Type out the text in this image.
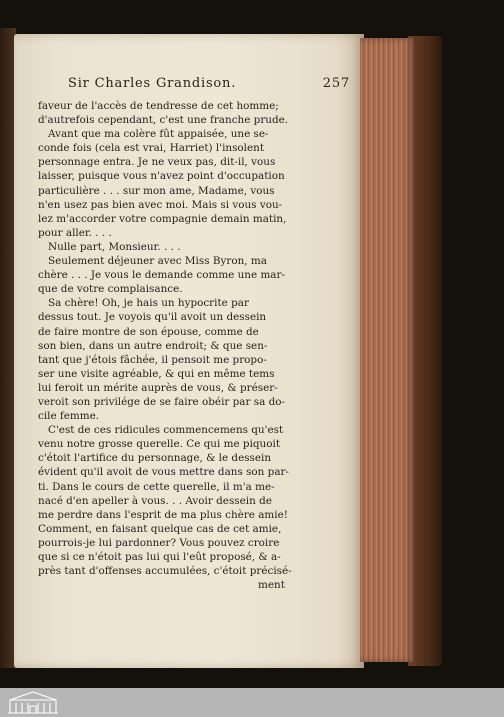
Sir Charles Grandison.	257
faveur de l'accès de tendresse de cet homme;
d'autrefois cependant, c'est une franche prude.
Avant que ma colère fût appaisée, une se-
conde fois (cela est vrai, Harriet) l'insolent
personnage entra. Je ne veux pas, dit-il, vous
laisser, puisque vous n'avez point d'occupation
particulière . . . sur mon ame, Madame, vous
n'en usez pas bien avec moi. Mais si vous vou-
lez m'accorder votre compagnie demain matin,
pour aller. . . .
Nulle part, Monsieur. . . .
Seulement déjeuner avec Miss Byron, ma
chère . . . Je vous le demande comme une mar-
que de votre complaisance.
Sa chère! Oh, je hais un hypocrite par
dessus tout. Je voyois qu'il avoit un dessein
de faire montre de son épouse, comme de
son bien, dans un autre endroit; & que sen-
tant que j'étois fâchée, il pensoit me propo-
ser une visite agréable, & qui en même tems
lui feroit un mérite auprès de vous, & préser-
veroit son privilége de se faire obéir par sa do-
cile femme.
C'est de ces ridicules commencemens qu'est
venu notre grosse querelle. Ce qui me piquoit
c'étoit l'artifice du personnage, & le dessein
évident qu'il avoit de vous mettre dans son par-
ti. Dans le cours de cette querelle, il m'a me-
nacé d'en apeller à vous. . . Avoir dessein de
me perdre dans l'esprit de ma plus chère amie!
Comment, en faisant quelque cas de cet amie,
pourrois-je lui pardonner? Vous pouvez croire
que si ce n'étoit pas lui qui l'eût proposé, & a-
près tant d'offenses accumulées, c'étoit précisé-
ment
